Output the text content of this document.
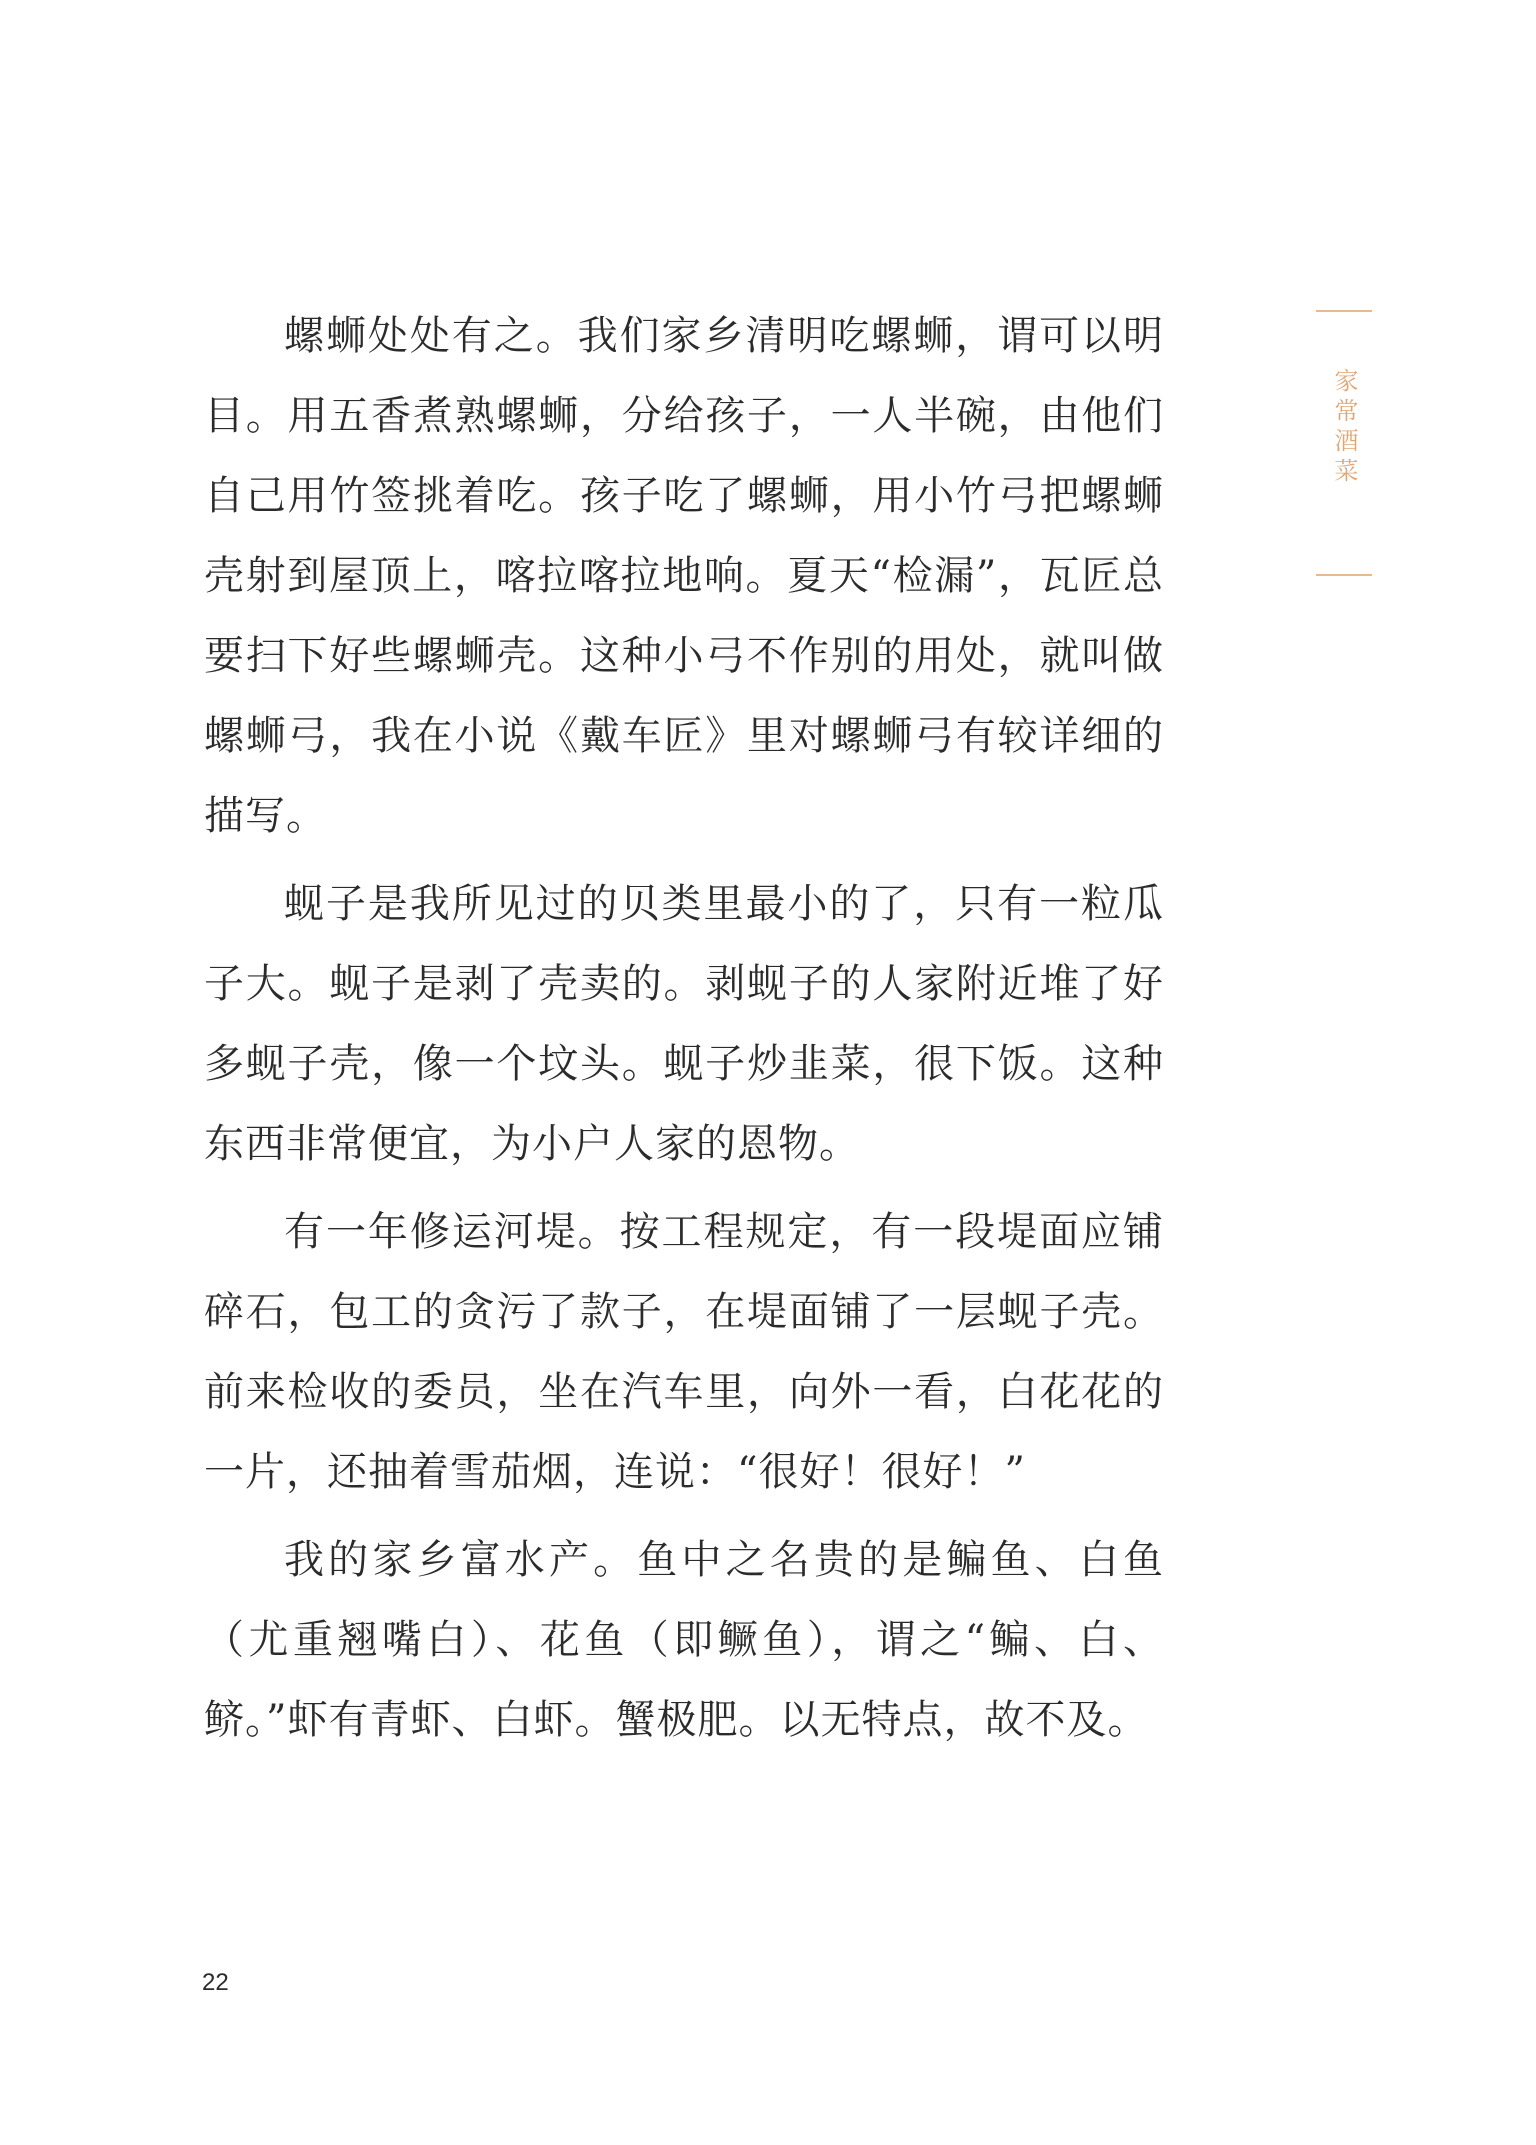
家常酒菜

螺蛳处处有之。我们家乡清明吃螺蛳，谓可以明目。用五香煮熟螺蛳，分给孩子，一人半碗，由他们自己用竹签挑着吃。孩子吃了螺蛳，用小竹弓把螺蛳壳射到屋顶上，喀拉喀拉地响。夏天“检漏”，瓦匠总要扫下好些螺蛳壳。这种小弓不作别的用处，就叫做螺蛳弓，我在小说《戴车匠》里对螺蛳弓有较详细的描写。

蚬子是我所见过的贝类里最小的了，只有一粒瓜子大。蚬子是剥了壳卖的。剥蚬子的人家附近堆了好多蚬子壳，像一个坟头。蚬子炒韭菜，很下饭。这种东西非常便宜，为小户人家的恩物。

有一年修运河堤。按工程规定，有一段堤面应铺碎石，包工的贪污了款子，在堤面铺了一层蚬子壳。前来检收的委员，坐在汽车里，向外一看，白花花的一片，还抽着雪茄烟，连说：“很好！很好！”

我的家乡富水产。鱼中之名贵的是鳊鱼、白鱼（尤重翘嘴白）、花鱼（即鳜鱼），谓之“鳊、白、鲚。”虾有青虾、白虾。蟹极肥。以无特点，故不及。

22
